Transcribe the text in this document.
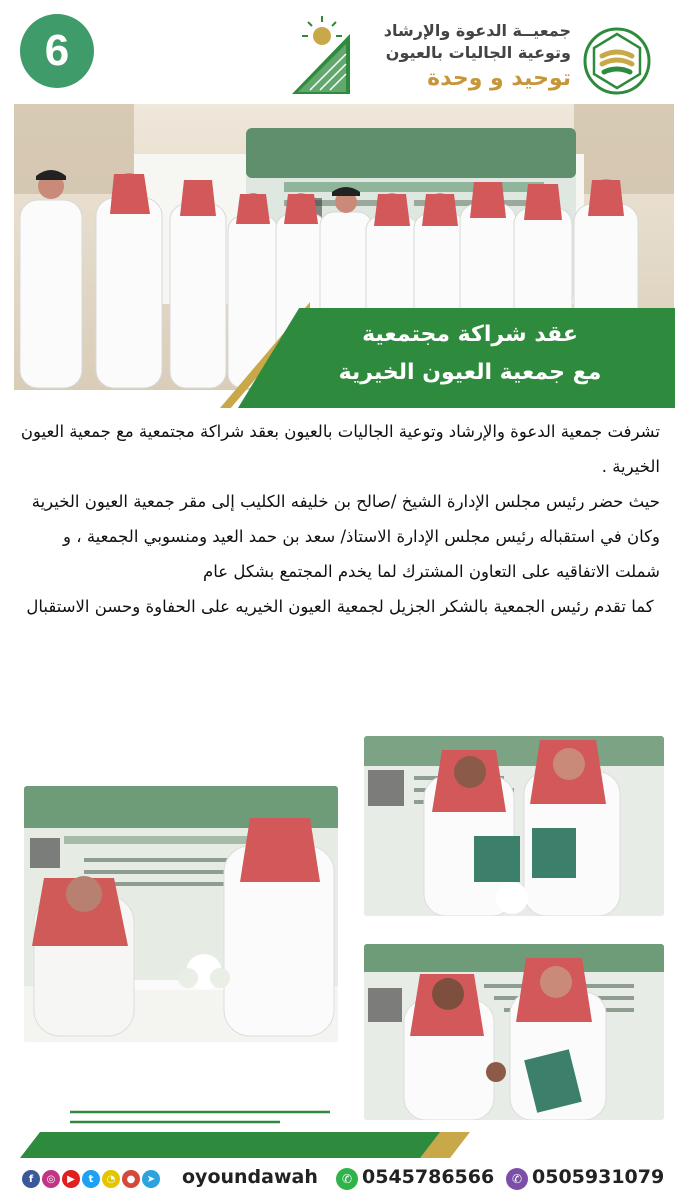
6	جمعيــة الدعوة والإرشاد
وتوعية الجاليات بالعيون
توحيد و وحدة
عقد شراكة مجتمعية
مع جمعية العيون الخيرية

تشرفت جمعية الدعوة والإرشاد وتوعية الجاليات بالعيون بعقد شراكة مجتمعية مع جمعية العيون الخيرية .

حيث حضر رئيس مجلس الإدارة الشيخ /صالح بن خليفه الكليب إلى مقر جمعية العيون الخيرية وكان في استقباله رئيس مجلس الإدارة الاستاذ/ سعد بن حمد العيد ومنسوبي الجمعية ، و شملت الاتفاقيه على التعاون المشترك لما يخدم المجتمع بشكل عام

كما تقدم رئيس الجمعية بالشكر الجزيل لجمعية العيون الخيريه على الحفاوة وحسن الاستقبال

f	◎	▶	t	◔	●	➤ oyoundawah	✆ 0545786566	✆ 0505931079
